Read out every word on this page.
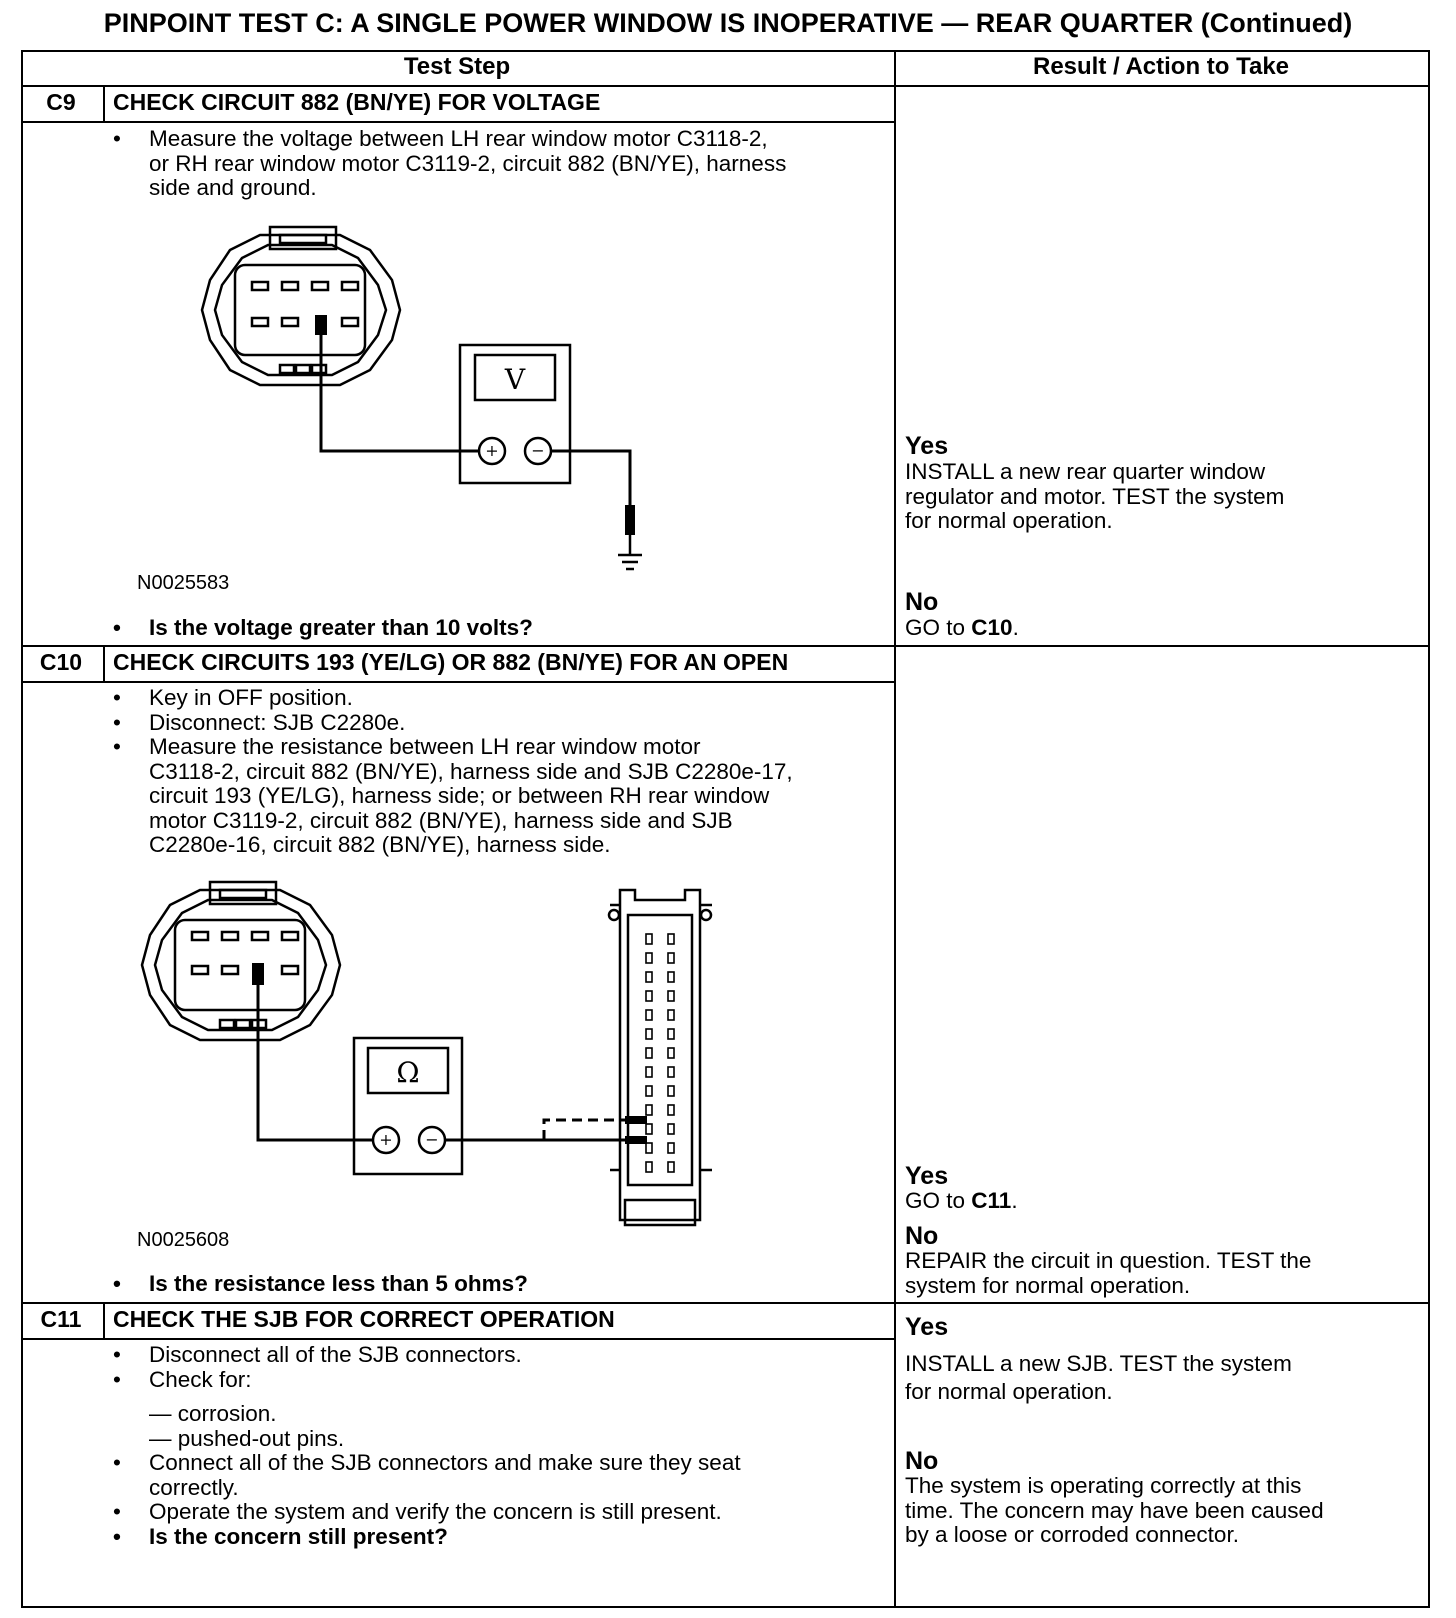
PINPOINT TEST C: A SINGLE POWER WINDOW IS INOPERATIVE — REAR QUARTER (Continued)
Test Step	Result / Action to Take
C9	CHECK CIRCUIT 882 (BN/YE) FOR VOLTAGE
• Measure the voltage between LH rear window motor C3118-2,
or RH rear window motor C3119-2, circuit 882 (BN/YE), harness
side and ground.
+ −
V
N0025583
• Is the voltage greater than 10 volts?
Yes
INSTALL a new rear quarter window
regulator and motor. TEST the system
for normal operation.
No
GO to C10.
C10	CHECK CIRCUITS 193 (YE/LG) OR 882 (BN/YE) FOR AN OPEN
• Key in OFF position.
• Disconnect: SJB C2280e.
• Measure the resistance between LH rear window motor
C3118-2, circuit 882 (BN/YE), harness side and SJB C2280e-17,
circuit 193 (YE/LG), harness side; or between RH rear window
motor C3119-2, circuit 882 (BN/YE), harness side and SJB
C2280e-16, circuit 882 (BN/YE), harness side.
+ −
Ω
N0025608
• Is the resistance less than 5 ohms?
Yes
GO to C11.
No
REPAIR the circuit in question. TEST the
system for normal operation.
C11	CHECK THE SJB FOR CORRECT OPERATION
• Disconnect all of the SJB connectors.
• Check for:
— corrosion.
— pushed-out pins.
• Connect all of the SJB connectors and make sure they seat
correctly.
• Operate the system and verify the concern is still present.
• Is the concern still present?
Yes
INSTALL a new SJB. TEST the system
for normal operation.
No
The system is operating correctly at this
time. The concern may have been caused
by a loose or corroded connector.
